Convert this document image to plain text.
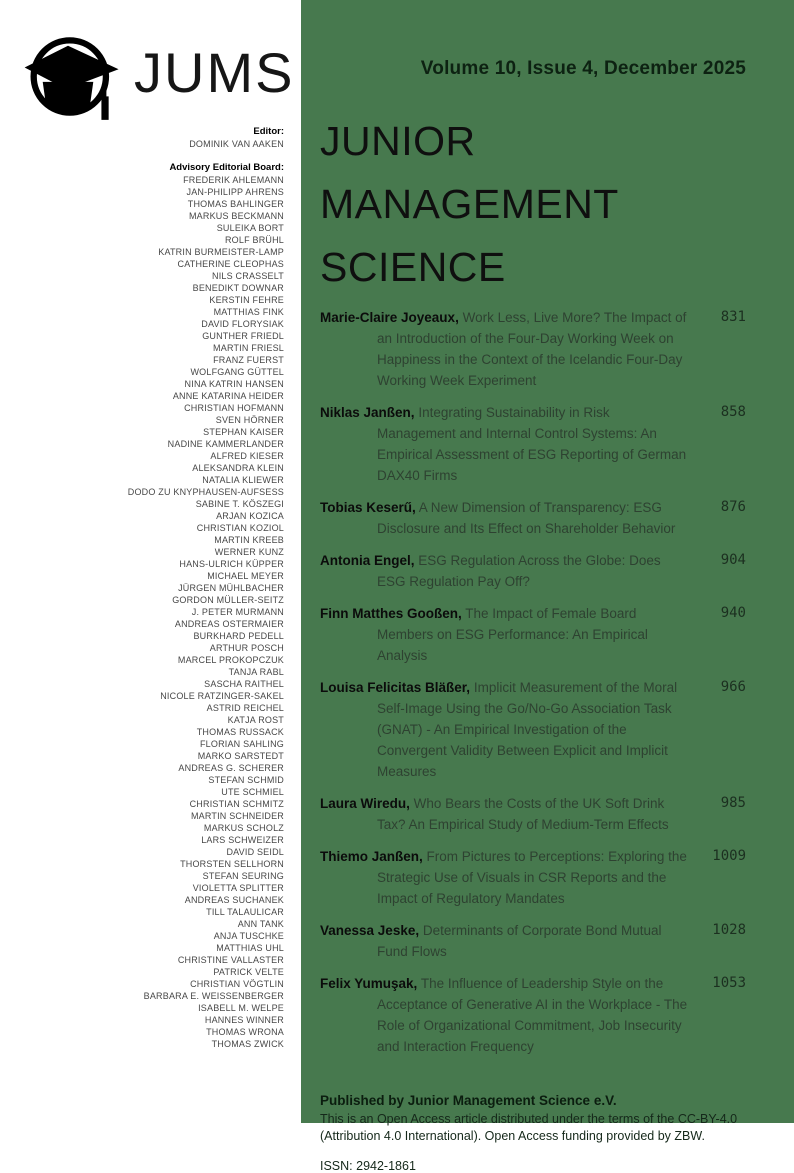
JUMS
Editor:
DOMINIK VAN AAKEN
Advisory Editorial Board:
FREDERIK AHLEMANN
JAN-PHILIPP AHRENS
THOMAS BAHLINGER
MARKUS BECKMANN
SULEIKA BORT
ROLF BRÜHL
KATRIN BURMEISTER-LAMP
CATHERINE CLEOPHAS
NILS CRASSELT
BENEDIKT DOWNAR
KERSTIN FEHRE
MATTHIAS FINK
DAVID FLORYSIAK
GUNTHER FRIEDL
MARTIN FRIESL
FRANZ FUERST
WOLFGANG GÜTTEL
NINA KATRIN HANSEN
ANNE KATARINA HEIDER
CHRISTIAN HOFMANN
SVEN HÖRNER
STEPHAN KAISER
NADINE KAMMERLANDER
ALFRED KIESER
ALEKSANDRA KLEIN
NATALIA KLIEWER
DODO ZU KNYPHAUSEN-AUFSESS
SABINE T. KÖSZEGI
ARJAN KOZICA
CHRISTIAN KOZIOL
MARTIN KREEB
WERNER KUNZ
HANS-ULRICH KÜPPER
MICHAEL MEYER
JÜRGEN MÜHLBACHER
GORDON MÜLLER-SEITZ
J. PETER MURMANN
ANDREAS OSTERMAIER
BURKHARD PEDELL
ARTHUR POSCH
MARCEL PROKOPCZUK
TANJA RABL
SASCHA RAITHEL
NICOLE RATZINGER-SAKEL
ASTRID REICHEL
KATJA ROST
THOMAS RUSSACK
FLORIAN SAHLING
MARKO SARSTEDT
ANDREAS G. SCHERER
STEFAN SCHMID
UTE SCHMIEL
CHRISTIAN SCHMITZ
MARTIN SCHNEIDER
MARKUS SCHOLZ
LARS SCHWEIZER
DAVID SEIDL
THORSTEN SELLHORN
STEFAN SEURING
VIOLETTA SPLITTER
ANDREAS SUCHANEK
TILL TALAULICAR
ANN TANK
ANJA TUSCHKE
MATTHIAS UHL
CHRISTINE VALLASTER
PATRICK VELTE
CHRISTIAN VÖGTLIN
BARBARA E. WEISSENBERGER
ISABELL M. WELPE
HANNES WINNER
THOMAS WRONA
THOMAS ZWICK
Volume 10, Issue 4, December 2025
JUNIOR
MANAGEMENT
SCIENCE
Marie-Claire Joyeaux, Work Less, Live More? The Impact of an Introduction of the Four-Day Working Week on Happiness in the Context of the Icelandic Four-Day Working Week Experiment
831
Niklas Janßen, Integrating Sustainability in Risk Management and Internal Control Systems: An Empirical Assessment of ESG Reporting of German DAX40 Firms
858
Tobias Keserű, A New Dimension of Transparency: ESG Disclosure and Its Effect on Shareholder Behavior
876
Antonia Engel, ESG Regulation Across the Globe: Does ESG Regulation Pay Off?
904
Finn Matthes Gooßen, The Impact of Female Board Members on ESG Performance: An Empirical Analysis
940
Louisa Felicitas Bläßer, Implicit Measurement of the Moral Self-Image Using the Go/No-Go Association Task (GNAT) - An Empirical Investigation of the Convergent Validity Between Explicit and Implicit Measures
966
Laura Wiredu, Who Bears the Costs of the UK Soft Drink Tax? An Empirical Study of Medium-Term Effects
985
Thiemo Janßen, From Pictures to Perceptions: Exploring the Strategic Use of Visuals in CSR Reports and the Impact of Regulatory Mandates
1009
Vanessa Jeske, Determinants of Corporate Bond Mutual Fund Flows
1028
Felix Yumuşak, The Influence of Leadership Style on the Acceptance of Generative AI in the Workplace - The Role of Organizational Commitment, Job Insecurity and Interaction Frequency
1053
Published by Junior Management Science e.V.
This is an Open Access article distributed under the terms of the CC-BY-4.0
(Attribution 4.0 International). Open Access funding provided by ZBW.
ISSN: 2942-1861
